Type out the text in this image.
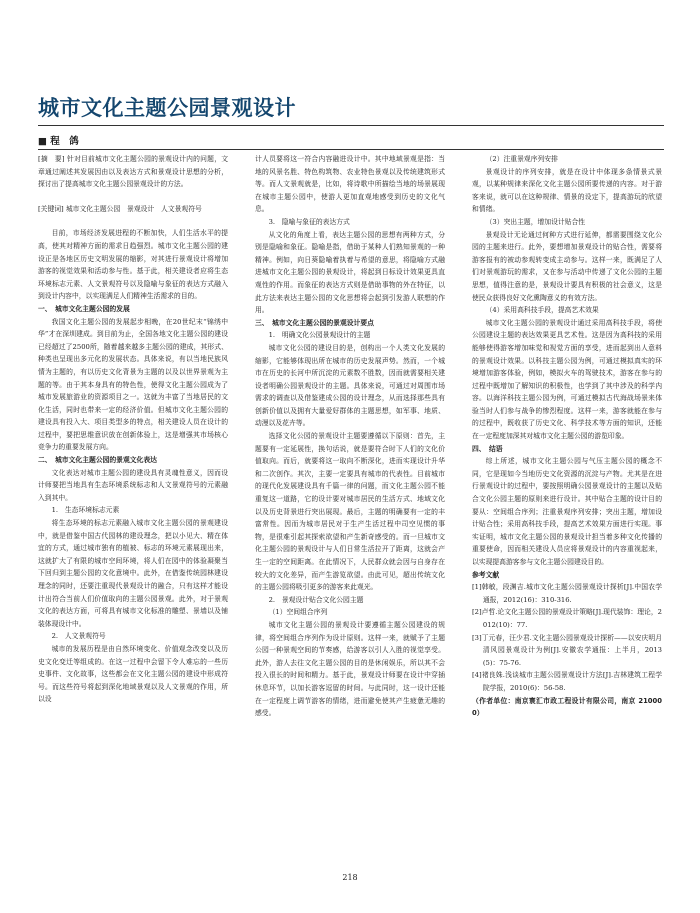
城市文化主题公园景观设计
■ 程　鸽

[摘　要] 针对目前城市文化主题公园的景观设计内的问题，文章通过阐述其发展因由以及表达方式和景观设计思想的分析，探讨出了提高城市文化主题公园景观设计的方法。

[关键词] 城市文化主题公园　景观设计　人文景观符号

目前，市场经济发展进程的不断加快，人们生活水平的提高，使其对精神方面的需求日趋强烈。城市文化主题公园的建设正是各地区历史文明发展的缩影，对其进行景观设计将增加游客的视觉效果和活动参与性。基于此，相关建设者应将生态环境标志元素、人文景观符号以及隐喻与象征的表达方式融入到设计内容中，以实现满足人们精神生活需求的目的。

一、　城市文化主题公园的发展

我国文化主题公园的发展起步相晚，在20世纪末“锦绣中华”才在深圳建成。到目前为止，全国各地文化主题公园的建设已经超过了2500所，随着越来越多主题公园的建成，其形式、种类也呈现出多元化的发展状态。具体来说，有以当地民族风情为主题的，有以历史文化背景为主题的以及以世界景观为主题的等。由于其本身具有的特色性，使得文化主题公园成为了城市发展旅游业的资源项目之一。这就为丰富了当地居民的文化生活，同时也带来一定的经济价值。但城市文化主题公园的建设具有投入大、项目类型多的特点，相关建设人员在设计的过程中，要把思维意识放在创新体验上，这是增强其市场核心竞争力的重要发展方向。

二、　城市文化主题公园的景观文化表达

文化表达对城市主题公园的建设具有灵魂性意义，因而设计师要把当地具有生态环境系统标志和人文景观符号的元素融入到其中。

1.　生态环境标志元素

将生态环境的标志元素融入城市文化主题公园的景观建设中，就是借鉴中国古代园林的建设理念，把以小见大、精在体宜的方式，通过城市独有的植被、标志的环境元素展现出来，这就扩大了有限的城市空间环境，将人们在园中的体验凝聚当下回归到主题公园的文化意境中。此外，在借鉴传统园林建设理念的同时，还要注重现代景观设计的融合，只有这样才能设计出符合当前人们价值取向的主题公园景观。此外，对于景观文化的表达方面，可将具有城市文化标准的雕塑、景墙以及铺装体现设计中。

2.　人文景观符号

城市的发展历程是由自然环境变化、价值观念改变以及历史文化变迁等组成的。在这一过程中会留下令人难忘的一些历史事件、文化故事，这些都会在文化主题公园的建设中形成符号。而这些符号将起到深化地域景观以及人文景观的作用，所以设

计人员要将这一符合内容融进设计中。其中地域景观是指：当地的风景名胜、特色构筑物、农业特色景观以及传统建筑形式等。而人文景观就是，比如，将诗歌中所描绘当地的场景展现在城市主题公园中，使游人更加直观地感受到历史的文化气息。

3.　隐喻与象征的表达方式

从文化的角度上看，表达主题公园的思想有两种方式，分别是隐喻和象征。隐喻是指，借助于某种人们熟知景观的一种精神。例如，向日葵隐喻着执着与希望的意思，将隐喻方式融进城市文化主题公园的景观设计，将起到日标设计效果更具直观性的作用。而象征的表达方式则是借助事物的外在特征，以此方法来表达主题公园的文化思想将会起到引发游人联想的作用。

三、　城市文化主题公园的景观设计要点

1.　明确文化公园景观设计的主题

城市文化公园的建设目的是，创构出一个人类文化发展的缩影，它能够体现出所在城市的历史发展声势。然而，一个城市在历史的长河中所沉淀的元素数不胜数，因而就需要相关建设者明确公园景观设计的主题。具体来说，可通过对周围市场需求的调查以及借鉴建成公园的设计理念，从而选择那些具有创新价值以及拥有大量爱好群体的主题思想，如军事、地质、动漫以及花卉等。

选择文化公园的景观设计主题要遵循以下原则：首先，主题要有一定延展性，换句话说，就是要符合时下人们的文化价值取向。而后，就要将这一取向不断深化，进而实现设计升华和二次创作。其次，主要一定要具有城市的代表性。目前城市的现代化发展建设具有千篇一律的问题，而文化主题公园不能重复这一道路，它的设计要对城市居民的生活方式、地域文化以及历史背景进行突出展现。最后，主题的明确要有一定的丰富常性。因而为城市居民对于生产生活过程中司空见惯的事物，是很难引起其探索欲望和产生新奇感受的。而一旦城市文化主题公园的景观设计与人们日常生活拉开了距离，这就会产生一定的空间距离。在此情况下，人民群众就会因与自身存在较大的文化差异，而产生游览欲望。由此可见，超出传统文化的主题公园将吸引更多的游客来此观光。

2.　景观设计贴合文化公园主题

（1）空间组合序列

城市文化主题公园的景观设计要遵循主题公园建设的规律，将空间组合序列作为设计原则。这样一来，就赋予了主题公园一种景观空间的节奏感，给游客以引人入胜的视觉享受。此外，游人去往文化主题公园的目的是休闲娱乐，所以其不会投入很长的时间和精力。基于此，景观设计师要在设计中穿插休息环节，以加长游客逗留的时间。与此同时，这一设计还能在一定程度上调节游客的情绪，进而避免使其产生疲惫无趣的感受。

（2）注重景观序列安排

景观设计的序列安排，就是在设计中体现多条情景式景观，以某种规律来深化文化主题公园所要传递的内容。对于游客来说，就可以在这种规律、情景的设定下，提高游玩的欣望和情绪。

（3）突出主题，增加设计贴合性

景观设计无论通过何种方式进行延伸，都需要围绕文化公园的主题来进行。此外，要想增加景观设计的贴合性，需要将游客报有的被动参观转变成主动参与。这样一来，既满足了人们对景观游玩的需求，又在参与活动中传递了文化公园的主题思想，值得注意的是，景观设计要具有积极的社会意义，这是使民众获得良好文化熏陶意义的有效方法。

（4）采用高科技手段，提高艺术效果

城市文化主题公园的景观设计通过采用高科技手段，将使公园建设主题的表达效果更具艺术性。这是因为高科技的采用能够使得游客增加味觉和视觉方面的享受，进而起到出人意料的景观设计效果。以科技主题公园为例，可通过模拟真实的环境增加游客体验，例如，模拟火车的驾驶技术，游客在参与的过程中既增加了解知识的积极性，也学到了其中涉及的科学内容。以海洋科技主题公园为例，可通过模拟古代海战场景来体验当时人们参与战争的惨烈程度。这样一来，游客就能在参与的过程中，既收获了历史文化、科学技术等方面的知识，还能在一定程度加深其对城市文化主题公园的游览印象。

四、　结语

综上所述，城市文化主题公园与气压主题公园的概念不同，它是现如今当地历史文化资源的沉淀与产物。尤其是在进行景观设计的过程中，要按照明确公园景观设计的主题以及贴合文化公园主题的原则来进行设计。其中贴合主题的设计目的要从：空间组合序列；注重景观序列安排；突出主题，增加设计贴合性；采用高科技手段，提高艺术效果方面进行实现。事实证明，城市文化主题公园的景观设计担当着多种文化传播的重要使命，因而相关建设人员应将景观设计的内容重视起来，以实现提高游客参与文化主题公园建设目的。

参考文献

[1]韩敏，段渊吉.城市文化主题公园景观设计探析[J].中国农学通报，2012(16)：310-316.

[2]卢哲.论文化主题公园的景观设计策略[J].现代装饰：理论，2012(10)：77.

[3]丁元春，汪少君.文化主题公园景观设计探析——以安庆明月清风园景观设计为例[J].安徽农学通报：上半月，2013(5)：75-76.

[4]褚良姝.浅谈城市主题公园景观设计方法[J].吉林建筑工程学院学报，2010(6)：56-58.

（作者单位：南京寰汇市政工程设计有限公司，南京 210000）

218
